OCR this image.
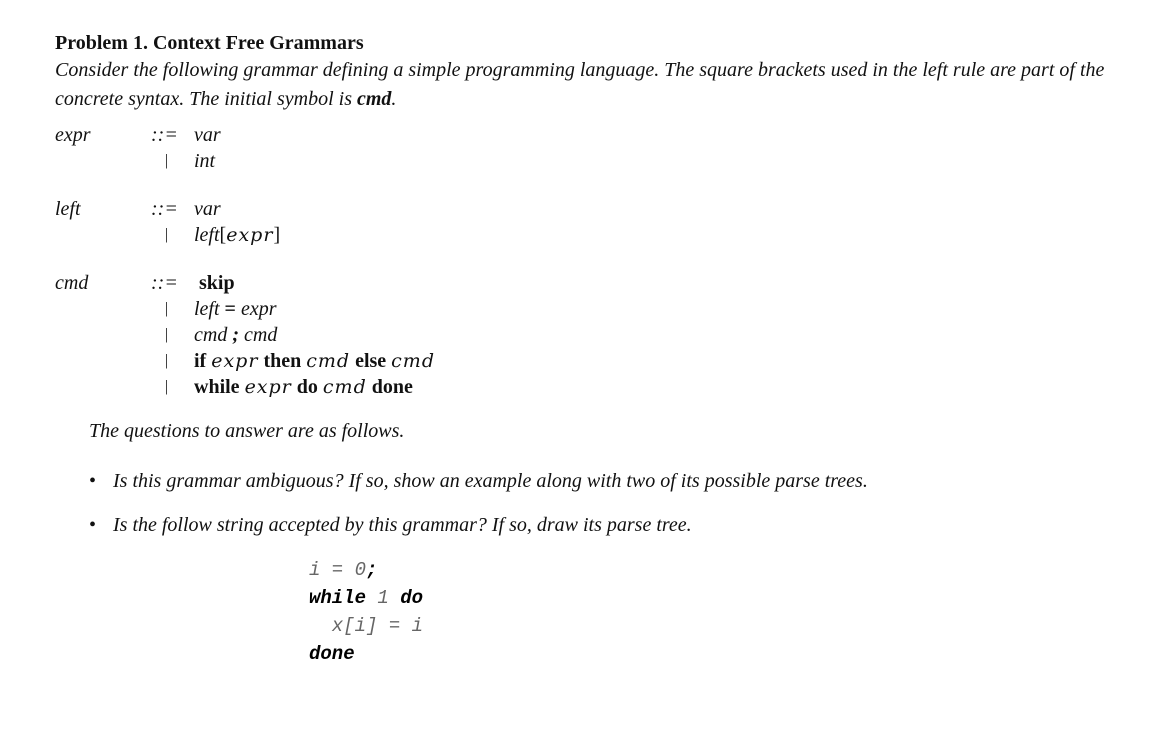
Problem 1. Context Free Grammars
Consider the following grammar defining a simple programming language. The square brackets used in the left rule are part of the concrete syntax. The initial symbol is cmd.
expr	::= var
| int
left	::= var
| left[expr]
cmd	::= skip
| left = expr
| cmd ; cmd
| if expr then cmd else cmd
| while expr do cmd done
The questions to answer are as follows.
• Is this grammar ambiguous? If so, show an example along with two of its possible parse trees.
• Is the follow string accepted by this grammar? If so, draw its parse tree.
i = 0;
while 1 do
x[i] = i
done
